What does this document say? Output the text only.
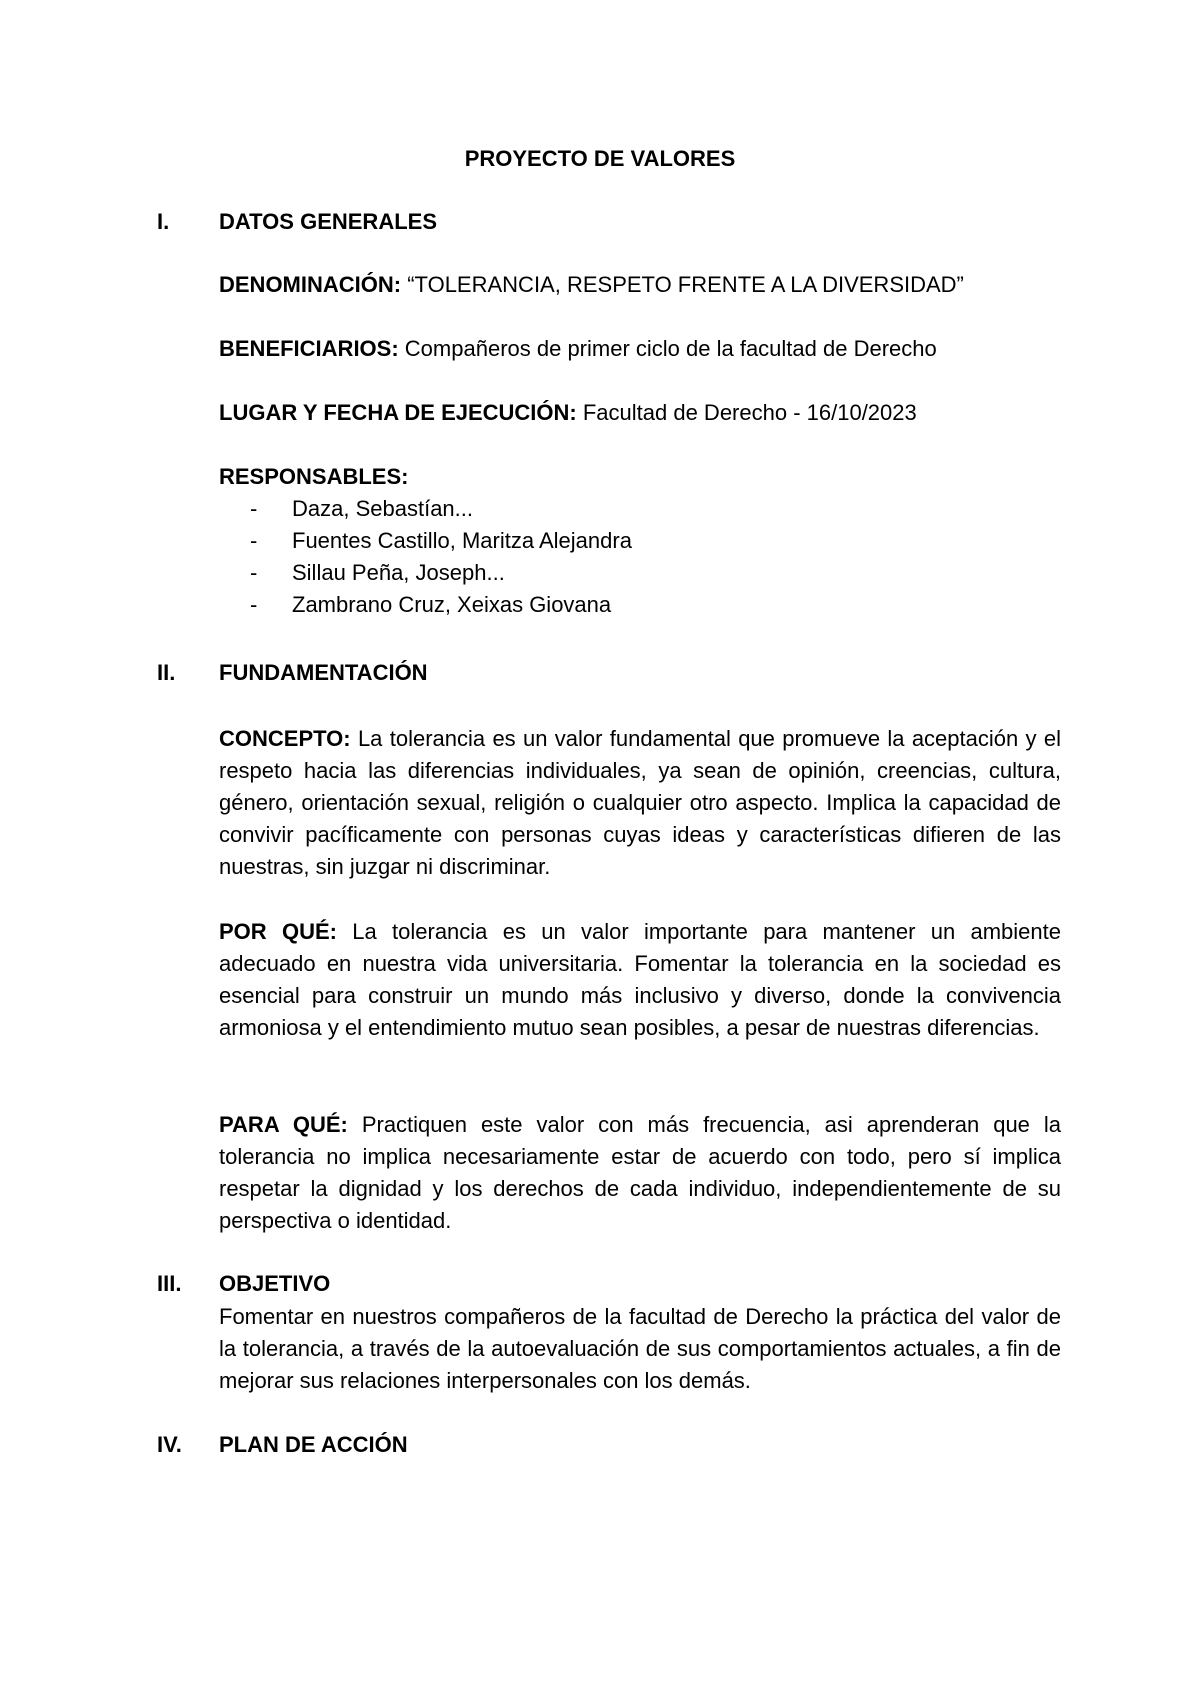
PROYECTO DE VALORES
I. DATOS GENERALES
DENOMINACIÓN: “TOLERANCIA, RESPETO FRENTE A LA DIVERSIDAD”
BENEFICIARIOS: Compañeros de primer ciclo de la facultad de Derecho
LUGAR Y FECHA DE EJECUCIÓN: Facultad de Derecho - 16/10/2023
RESPONSABLES:
- Daza, Sebastían...
- Fuentes Castillo, Maritza Alejandra
- Sillau Peña, Joseph...
- Zambrano Cruz, Xeixas Giovana
II. FUNDAMENTACIÓN
CONCEPTO: La tolerancia es un valor fundamental que promueve la aceptación y el respeto hacia las diferencias individuales, ya sean de opinión, creencias, cultura, género, orientación sexual, religión o cualquier otro aspecto. Implica la capacidad de convivir pacíficamente con personas cuyas ideas y características difieren de las nuestras, sin juzgar ni discriminar.
POR QUÉ: La tolerancia es un valor importante para mantener un ambiente adecuado en nuestra vida universitaria. Fomentar la tolerancia en la sociedad es esencial para construir un mundo más inclusivo y diverso, donde la convivencia armoniosa y el entendimiento mutuo sean posibles, a pesar de nuestras diferencias.
PARA QUÉ: Practiquen este valor con más frecuencia, asi aprenderan que la tolerancia no implica necesariamente estar de acuerdo con todo, pero sí implica respetar la dignidad y los derechos de cada individuo, independientemente de su perspectiva o identidad.
III. OBJETIVO
Fomentar en nuestros compañeros de la facultad de Derecho la práctica del valor de la tolerancia, a través de la autoevaluación de sus comportamientos actuales, a fin de mejorar sus relaciones interpersonales con los demás.
IV. PLAN DE ACCIÓN
